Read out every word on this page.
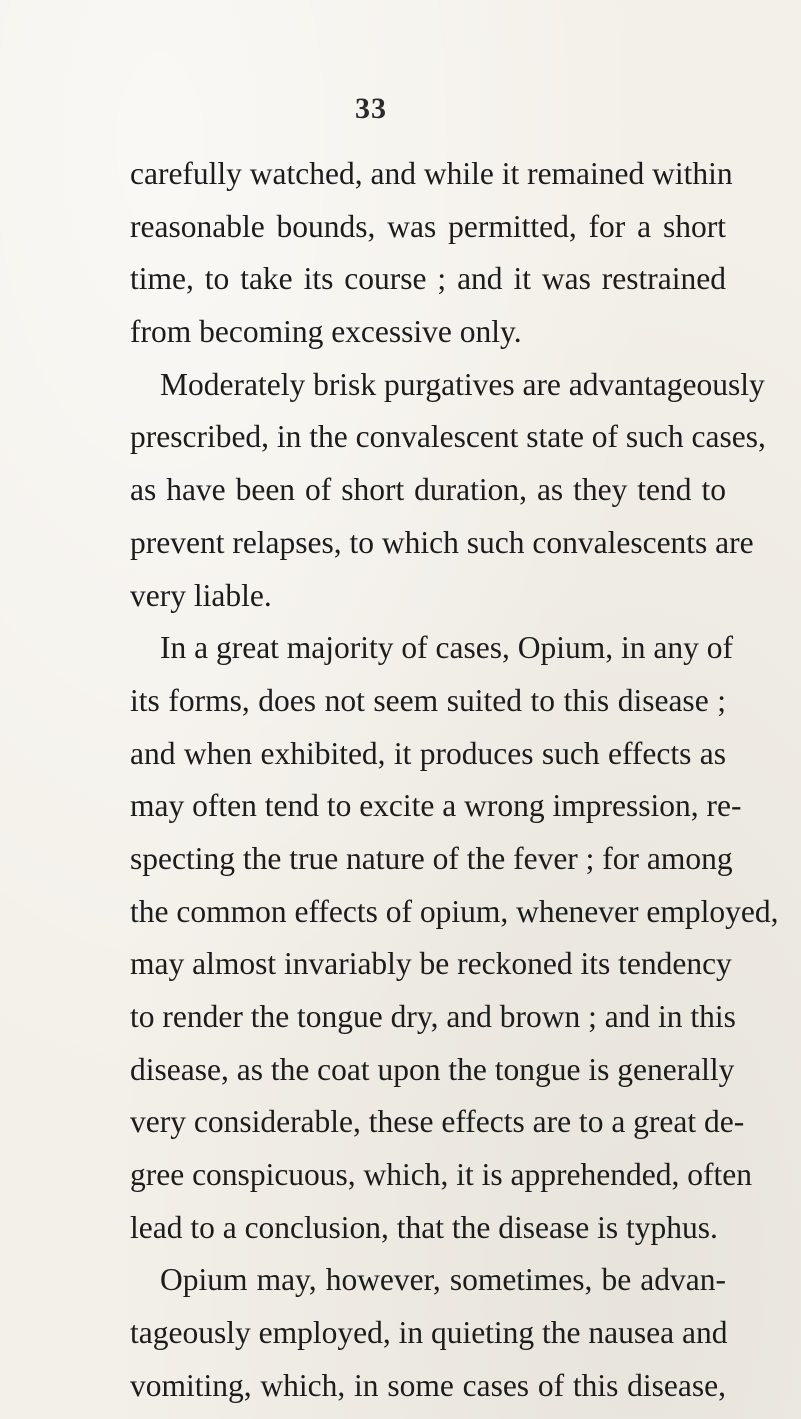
33
carefully watched, and while it remained within
reasonable bounds, was permitted, for a short
time, to take its course ; and it was restrained
from becoming excessive only.
Moderately brisk purgatives are advantageously
prescribed, in the convalescent state of such cases,
as have been of short duration, as they tend to
prevent relapses, to which such convalescents are
very liable.
In a great majority of cases, Opium, in any of
its forms, does not seem suited to this disease ;
and when exhibited, it produces such effects as
may often tend to excite a wrong impression, re-
specting the true nature of the fever ; for among
the common effects of opium, whenever employed,
may almost invariably be reckoned its tendency
to render the tongue dry, and brown ; and in this
disease, as the coat upon the tongue is generally
very considerable, these effects are to a great de-
gree conspicuous, which, it is apprehended, often
lead to a conclusion, that the disease is typhus.
Opium may, however, sometimes, be advan-
tageously employed, in quieting the nausea and
vomiting, which, in some cases of this disease,
